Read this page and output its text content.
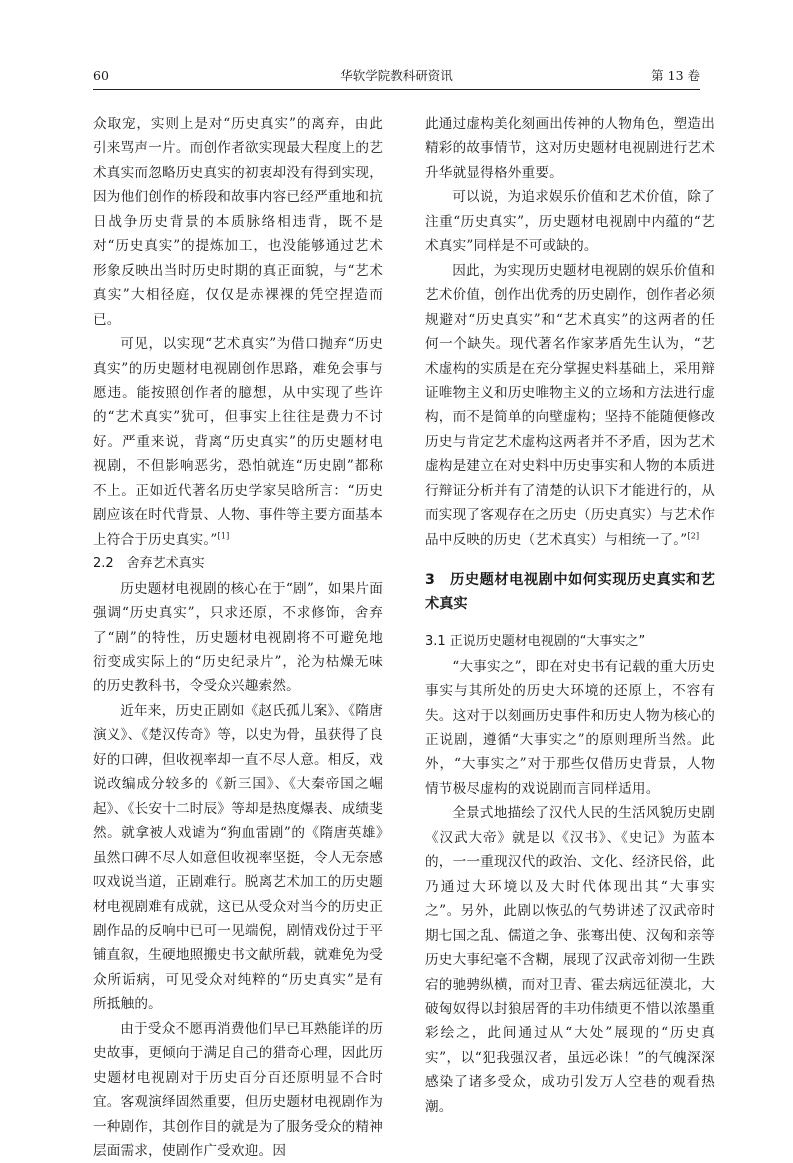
60	华软学院教科研资讯	第 13 卷

众取宠，实则上是对“历史真实”的离弃，由此引来骂声一片。而创作者欲实现最大程度上的艺术真实而忽略历史真实的初衷却没有得到实现，因为他们创作的桥段和故事内容已经严重地和抗日战争历史背景的本质脉络相违背，既不是对“历史真实”的提炼加工，也没能够通过艺术形象反映出当时历史时期的真正面貌，与“艺术真实”大相径庭，仅仅是赤裸裸的凭空捏造而已。

可见，以实现“艺术真实”为借口抛弃“历史真实”的历史题材电视剧创作思路，难免会事与愿违。能按照创作者的臆想，从中实现了些许的“艺术真实”犹可，但事实上往往是费力不讨好。严重来说，背离“历史真实”的历史题材电视剧，不但影响恶劣，恐怕就连“历史剧”都称不上。正如近代著名历史学家吴晗所言：“历史剧应该在时代背景、人物、事件等主要方面基本上符合于历史真实。”[1]

2.2　舍弃艺术真实

历史题材电视剧的核心在于“剧”，如果片面强调“历史真实”，只求还原，不求修饰，舍弃了“剧”的特性，历史题材电视剧将不可避免地衍变成实际上的“历史纪录片”，沦为枯燥无味的历史教科书，令受众兴趣索然。

近年来，历史正剧如《赵氏孤儿案》、《隋唐演义》、《楚汉传奇》等，以史为骨，虽获得了良好的口碑，但收视率却一直不尽人意。相反，戏说改编成分较多的《新三国》、《大秦帝国之崛起》、《长安十二时辰》等却是热度爆表、成绩斐然。就拿被人戏谑为“狗血雷剧”的《隋唐英雄》虽然口碑不尽人如意但收视率坚挺，令人无奈感叹戏说当道，正剧难行。脱离艺术加工的历史题材电视剧难有成就，这已从受众对当今的历史正剧作品的反响中已可一见端倪，剧情戏份过于平铺直叙，生硬地照搬史书文献所载，就难免为受众所诟病，可见受众对纯粹的“历史真实”是有所抵触的。

由于受众不愿再消费他们早已耳熟能详的历史故事，更倾向于满足自己的猎奇心理，因此历史题材电视剧对于历史百分百还原明显不合时宜。客观演绎固然重要，但历史题材电视剧作为一种剧作，其创作目的就是为了服务受众的精神层面需求，使剧作广受欢迎。因

此通过虚构美化刻画出传神的人物角色，塑造出精彩的故事情节，这对历史题材电视剧进行艺术升华就显得格外重要。

可以说，为追求娱乐价值和艺术价值，除了注重“历史真实”，历史题材电视剧中内蕴的“艺术真实”同样是不可或缺的。

因此，为实现历史题材电视剧的娱乐价值和艺术价值，创作出优秀的历史剧作，创作者必须规避对“历史真实”和“艺术真实”的这两者的任何一个缺失。现代著名作家茅盾先生认为，“艺术虚构的实质是在充分掌握史料基础上，采用辩证唯物主义和历史唯物主义的立场和方法进行虚构，而不是简单的向壁虚构；坚持不能随便修改历史与肯定艺术虚构这两者并不矛盾，因为艺术虚构是建立在对史料中历史事实和人物的本质进行辩证分析并有了清楚的认识下才能进行的，从而实现了客观存在之历史（历史真实）与艺术作品中反映的历史（艺术真实）与相统一了。”[2]

3　历史题材电视剧中如何实现历史真实和艺术真实

3.1 正说历史题材电视剧的“大事实之”

“大事实之”，即在对史书有记载的重大历史事实与其所处的历史大环境的还原上，不容有失。这对于以刻画历史事件和历史人物为核心的正说剧，遵循“大事实之”的原则理所当然。此外，“大事实之”对于那些仅借历史背景，人物情节极尽虚构的戏说剧而言同样适用。

全景式地描绘了汉代人民的生活风貌历史剧《汉武大帝》就是以《汉书》、《史记》为蓝本的，一一重现汉代的政治、文化、经济民俗，此乃通过大环境以及大时代体现出其“大事实之”。另外，此剧以恢弘的气势讲述了汉武帝时期七国之乱、儒道之争、张骞出使、汉匈和亲等历史大事纪毫不含糊，展现了汉武帝刘彻一生跌宕的驰骋纵横，而对卫青、霍去病远征漠北，大破匈奴得以封狼居胥的丰功伟绩更不惜以浓墨重彩绘之，此间通过从“大处”展现的“历史真实”，以“犯我强汉者，虽远必诛！”的气魄深深感染了诸多受众，成功引发万人空巷的观看热潮。
